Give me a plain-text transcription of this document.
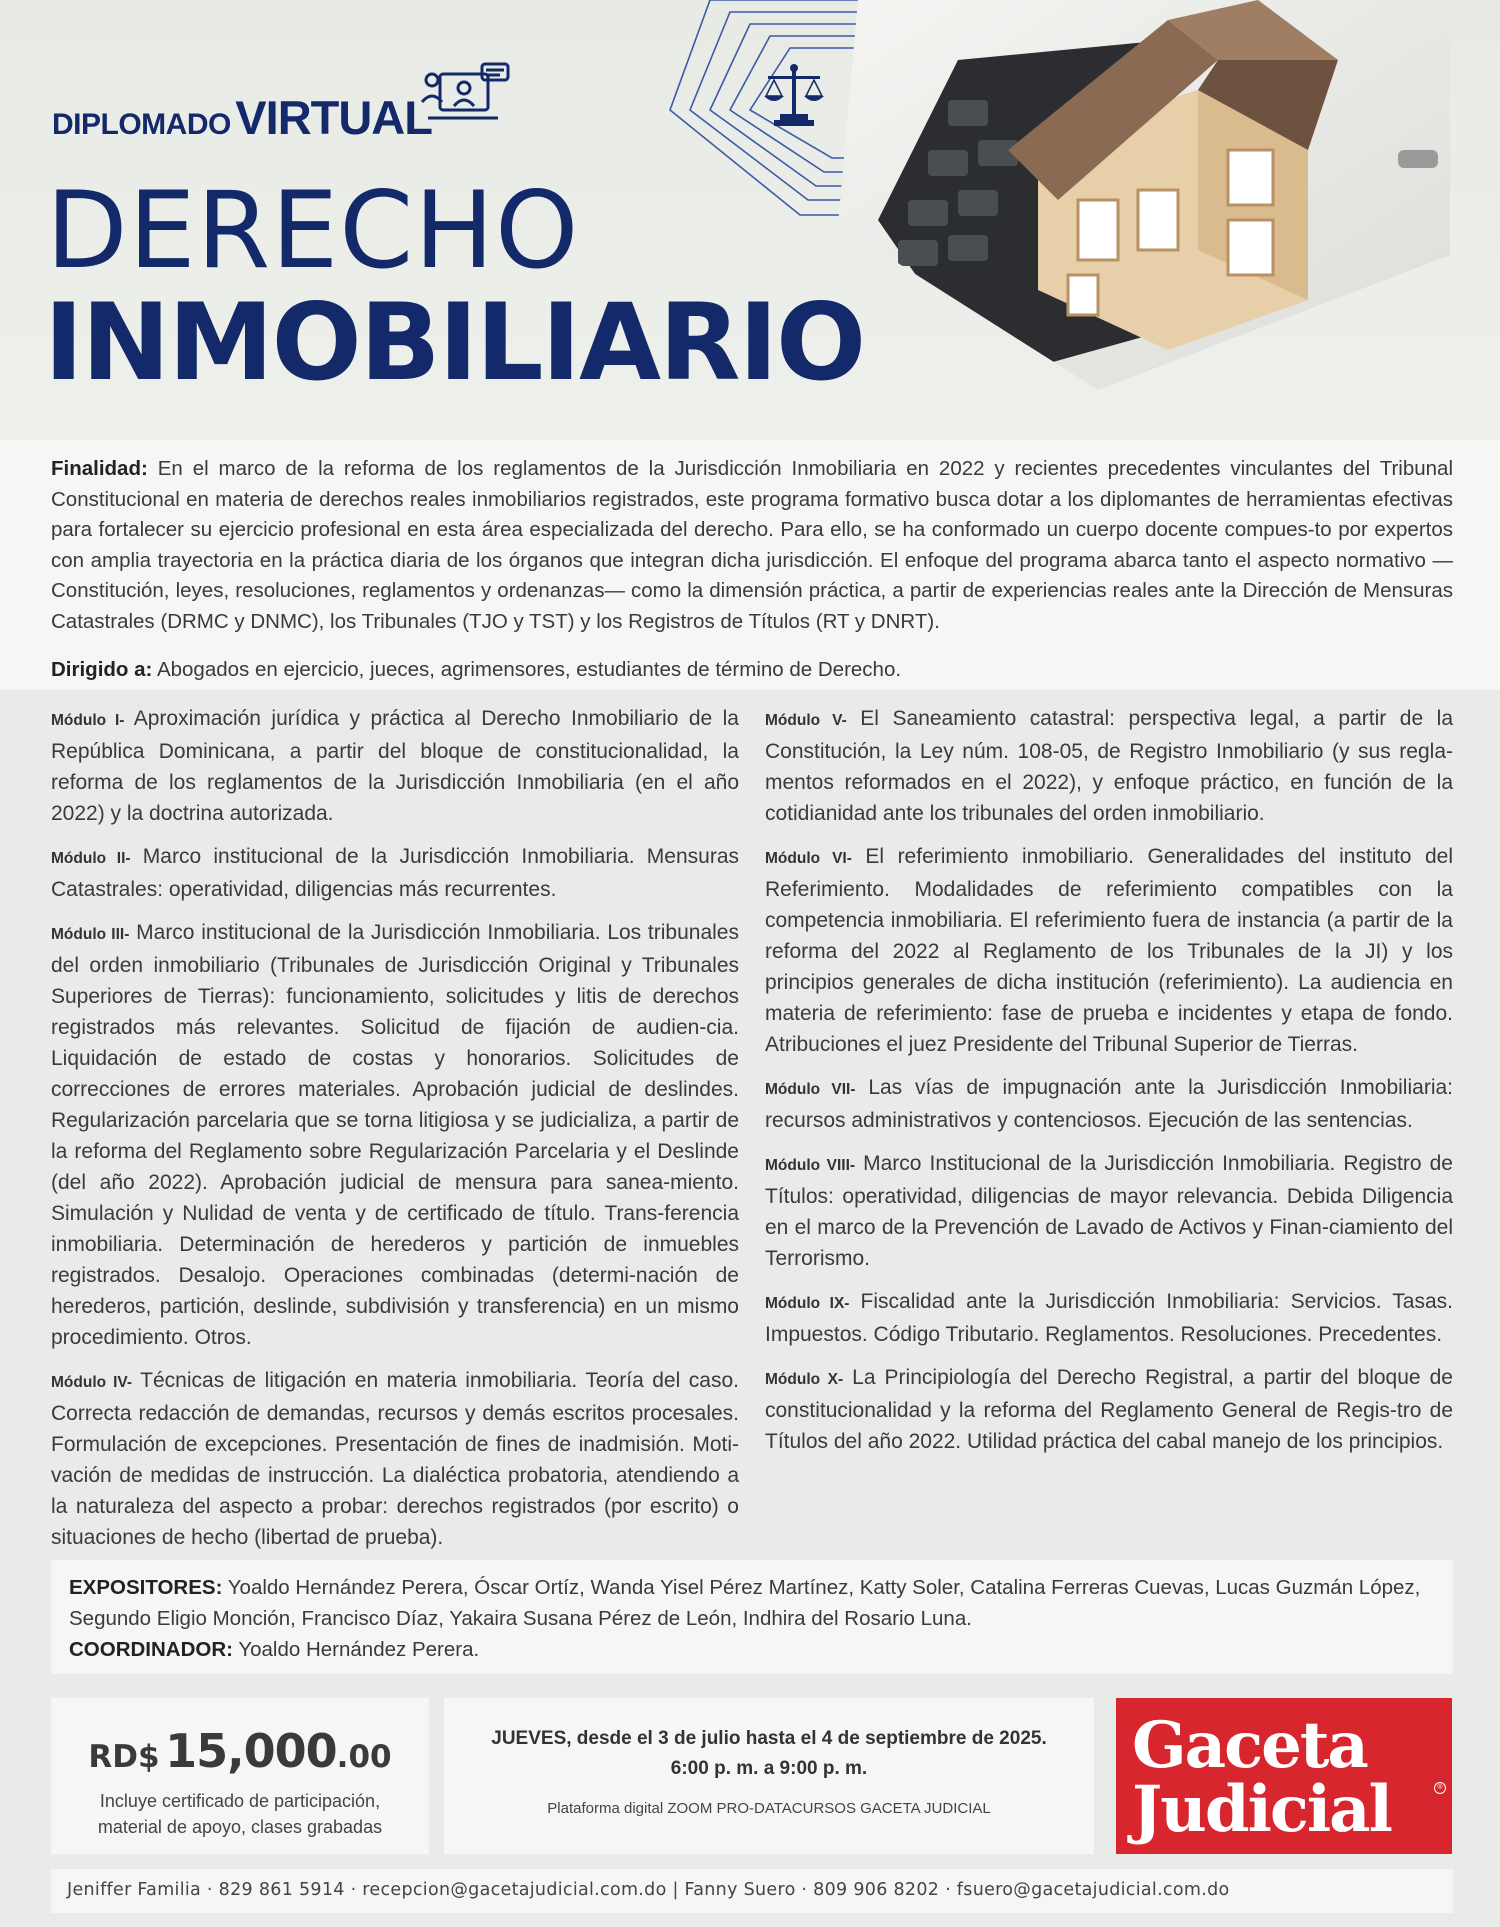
DIPLOMADO VIRTUAL
DERECHO
INMOBILIARIO
Finalidad: En el marco de la reforma de los reglamentos de la Jurisdicción Inmobiliaria en 2022 y recientes precedentes vinculantes del Tribunal Constitucional en materia de derechos reales inmobiliarios registrados, este programa formativo busca dotar a los diplomantes de herramientas efectivas para fortalecer su ejercicio profesional en esta área especializada del derecho. Para ello, se ha conformado un cuerpo docente compues-to por expertos con amplia trayectoria en la práctica diaria de los órganos que integran dicha jurisdicción. El enfoque del programa abarca tanto el aspecto normativo —Constitución, leyes, resoluciones, reglamentos y ordenanzas— como la dimensión práctica, a partir de experiencias reales ante la Dirección de Mensuras Catastrales (DRMC y DNMC), los Tribunales (TJO y TST) y los Registros de Títulos (RT y DNRT).
Dirigido a: Abogados en ejercicio, jueces, agrimensores, estudiantes de término de Derecho.

Módulo I- Aproximación jurídica y práctica al Derecho Inmobiliario de la República Dominicana, a partir del bloque de constitucionalidad, la reforma de los reglamentos de la Jurisdicción Inmobiliaria (en el año 2022) y la doctrina autorizada.

Módulo II- Marco institucional de la Jurisdicción Inmobiliaria. Mensuras Catastrales: operatividad, diligencias más recurrentes.

Módulo III- Marco institucional de la Jurisdicción Inmobiliaria. Los tribunales del orden inmobiliario (Tribunales de Jurisdicción Original y Tribunales Superiores de Tierras): funcionamiento, solicitudes y litis de derechos registrados más relevantes. Solicitud de fijación de audien-cia. Liquidación de estado de costas y honorarios. Solicitudes de correcciones de errores materiales. Aprobación judicial de deslindes. Regularización parcelaria que se torna litigiosa y se judicializa, a partir de la reforma del Reglamento sobre Regularización Parcelaria y el Deslinde (del año 2022). Aprobación judicial de mensura para sanea-miento. Simulación y Nulidad de venta y de certificado de título. Trans-ferencia inmobiliaria. Determinación de herederos y partición de inmuebles registrados. Desalojo. Operaciones combinadas (determi-nación de herederos, partición, deslinde, subdivisión y transferencia) en un mismo procedimiento. Otros.

Módulo IV- Técnicas de litigación en materia inmobiliaria. Teoría del caso. Correcta redacción de demandas, recursos y demás escritos procesales. Formulación de excepciones. Presentación de fines de inadmisión. Moti-vación de medidas de instrucción. La dialéctica probatoria, atendiendo a la naturaleza del aspecto a probar: derechos registrados (por escrito) o situaciones de hecho (libertad de prueba).

Módulo V- El Saneamiento catastral: perspectiva legal, a partir de la Constitución, la Ley núm. 108-05, de Registro Inmobiliario (y sus regla-mentos reformados en el 2022), y enfoque práctico, en función de la cotidianidad ante los tribunales del orden inmobiliario.

Módulo VI- El referimiento inmobiliario. Generalidades del instituto del Referimiento. Modalidades de referimiento compatibles con la competencia inmobiliaria. El referimiento fuera de instancia (a partir de la reforma del 2022 al Reglamento de los Tribunales de la JI) y los principios generales de dicha institución (referimiento). La audiencia en materia de referimiento: fase de prueba e incidentes y etapa de fondo. Atribuciones el juez Presidente del Tribunal Superior de Tierras.

Módulo VII- Las vías de impugnación ante la Jurisdicción Inmobiliaria: recursos administrativos y contenciosos. Ejecución de las sentencias.

Módulo VIII- Marco Institucional de la Jurisdicción Inmobiliaria. Registro de Títulos: operatividad, diligencias de mayor relevancia. Debida Diligencia en el marco de la Prevención de Lavado de Activos y Finan-ciamiento del Terrorismo.

Módulo IX- Fiscalidad ante la Jurisdicción Inmobiliaria: Servicios. Tasas. Impuestos. Código Tributario. Reglamentos. Resoluciones. Precedentes.

Módulo X- La Principiología del Derecho Registral, a partir del bloque de constitucionalidad y la reforma del Reglamento General de Regis-tro de Títulos del año 2022. Utilidad práctica del cabal manejo de los principios.

EXPOSITORES: Yoaldo Hernández Perera, Óscar Ortíz, Wanda Yisel Pérez Martínez, Katty Soler, Catalina Ferreras Cuevas, Lucas Guzmán López, Segundo Eligio Monción, Francisco Díaz, Yakaira Susana Pérez de León, Indhira del Rosario Luna.
COORDINADOR: Yoaldo Hernández Perera.
RD$ 15,000.00
Incluye certificado de participación,
material de apoyo, clases grabadas
JUEVES, desde el 3 de julio hasta el 4 de septiembre de 2025.
6:00 p. m. a 9:00 p. m.
Plataforma digital ZOOM PRO-DATACURSOS GACETA JUDICIAL
Gaceta
Judicial	®
Jeniffer Familia · 829 861 5914 · recepcion@gacetajudicial.com.do | Fanny Suero · 809 906 8202 · fsuero@gacetajudicial.com.do
